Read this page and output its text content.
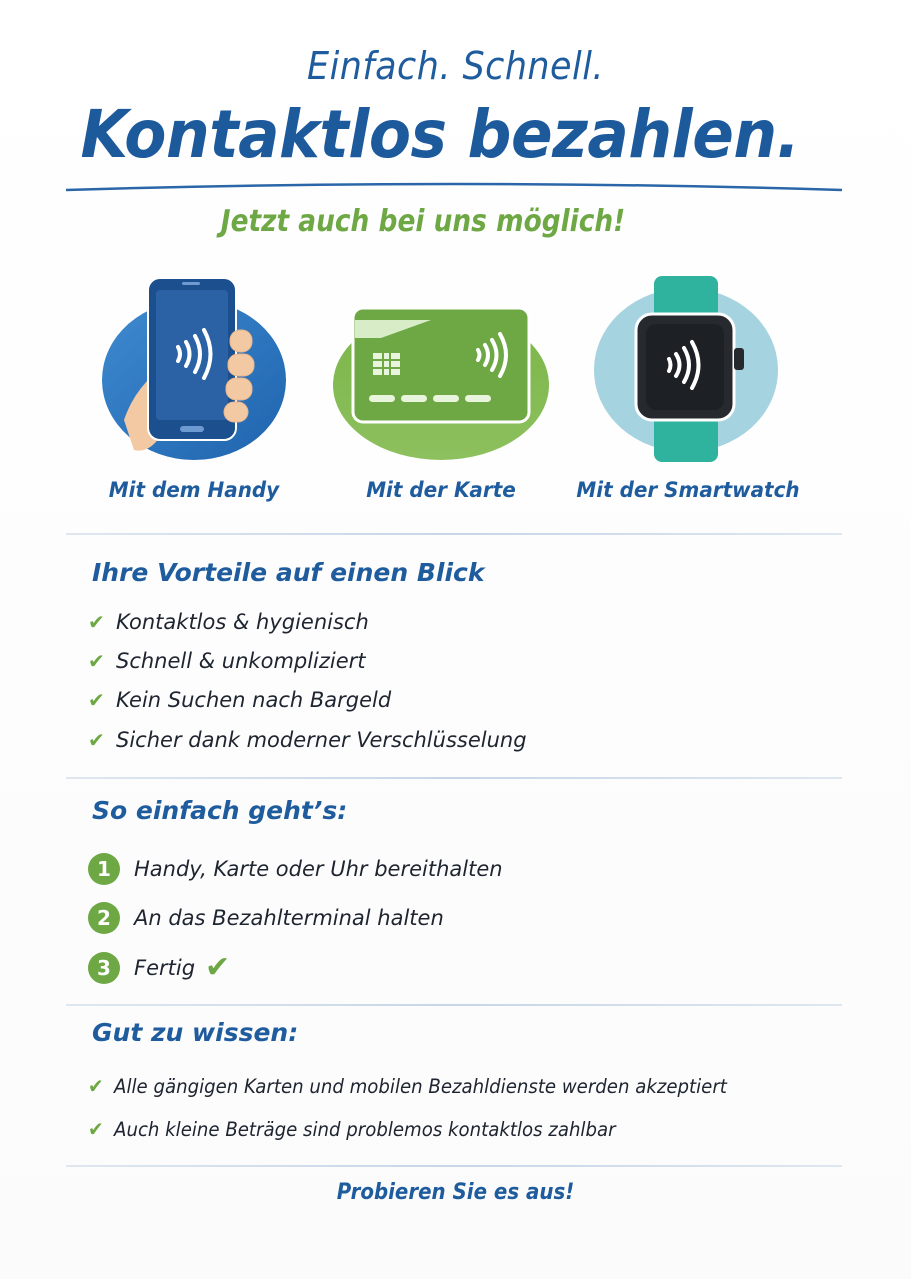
Einfach. Schnell.
Kontaktlos bezahlen.
Jetzt auch bei uns möglich!
Mit dem Handy	Mit der Karte	Mit der Smartwatch
Ihre Vorteile auf einen Blick
✔ Kontaktlos & hygienisch
✔ Schnell & unkompliziert
✔ Kein Suchen nach Bargeld
✔ Sicher dank moderner Verschlüsselung
So einfach geht’s:
1	Handy, Karte oder Uhr bereithalten
2	An das Bezahlterminal halten
3	Fertig ✔
Gut zu wissen:
✔ Alle gängigen Karten und mobilen Bezahldienste werden akzeptiert
✔ Auch kleine Beträge sind problemos kontaktlos zahlbar
Probieren Sie es aus!
